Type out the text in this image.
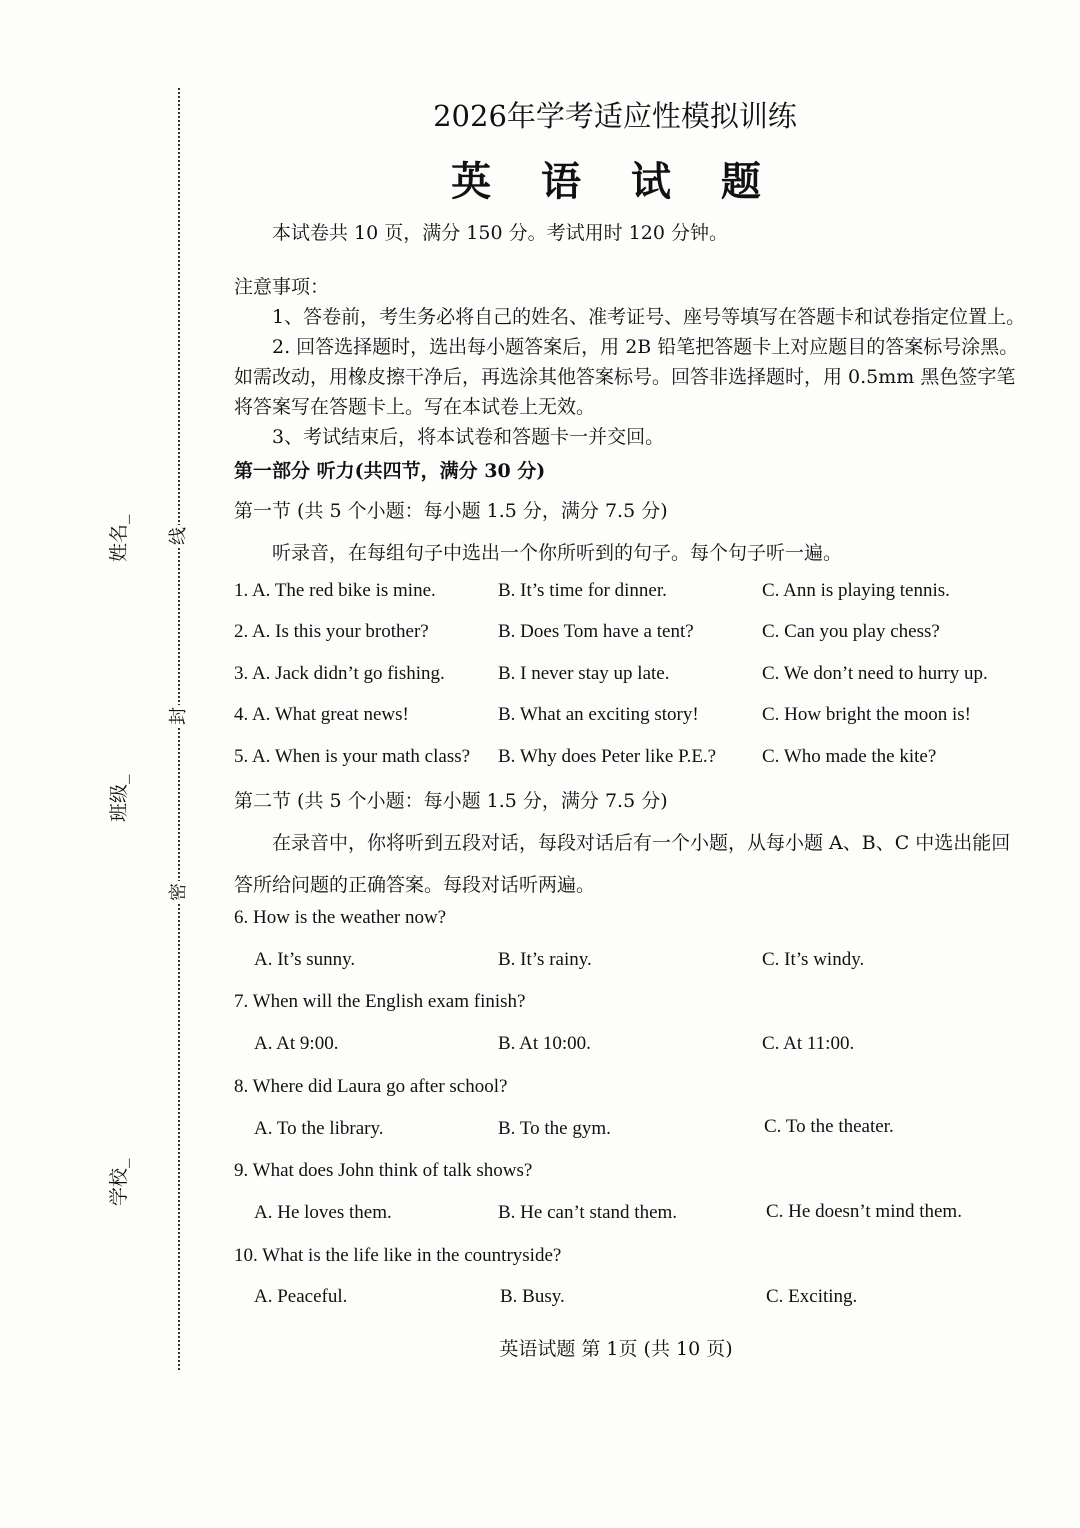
线
封
密
姓名_
班级_
学校_
2026年学考适应性模拟训练
英 语 试 题
本试卷共 10 页，满分 150 分。考试用时 120 分钟。
注意事项：
1、答卷前，考生务必将自己的姓名、准考证号、座号等填写在答题卡和试卷指定位置上。
2. 回答选择题时，选出每小题答案后，用 2B 铅笔把答题卡上对应题目的答案标号涂黑。
如需改动，用橡皮擦干净后，再选涂其他答案标号。回答非选择题时，用 0.5mm 黑色签字笔
将答案写在答题卡上。写在本试卷上无效。
3、考试结束后，将本试卷和答题卡一并交回。
第一部分 听力(共四节，满分 30 分)
第一节 (共 5 个小题：每小题 1.5 分，满分 7.5 分)
听录音，在每组句子中选出一个你所听到的句子。每个句子听一遍。
1. A. The red bike is mine.	B. It’s time for dinner.	C. Ann is playing tennis.
2. A. Is this your brother?	B. Does Tom have a tent?	C. Can you play chess?
3. A. Jack didn’t go fishing.	B. I never stay up late.	C. We don’t need to hurry up.
4. A. What great news!	B. What an exciting story!	C. How bright the moon is!
5. A. When is your math class? B. Why does Peter like P.E.? C. Who made the kite?
第二节 (共 5 个小题：每小题 1.5 分，满分 7.5 分)
在录音中，你将听到五段对话，每段对话后有一个小题，从每小题 A、B、C 中选出能回
答所给问题的正确答案。每段对话听两遍。
6. How is the weather now?
A. It’s sunny.	B. It’s rainy.	C. It’s windy.
7. When will the English exam finish?
A. At 9:00.	B. At 10:00.	C. At 11:00.
8. Where did Laura go after school?
A. To the library.	B. To the gym.	C. To the theater.
9. What does John think of talk shows?
A. He loves them.	B. He can’t stand them.	C. He doesn’t mind them.
10. What is the life like in the countryside?
A. Peaceful.	B. Busy.	C. Exciting.
英语试题 第 1页 (共 10 页)
